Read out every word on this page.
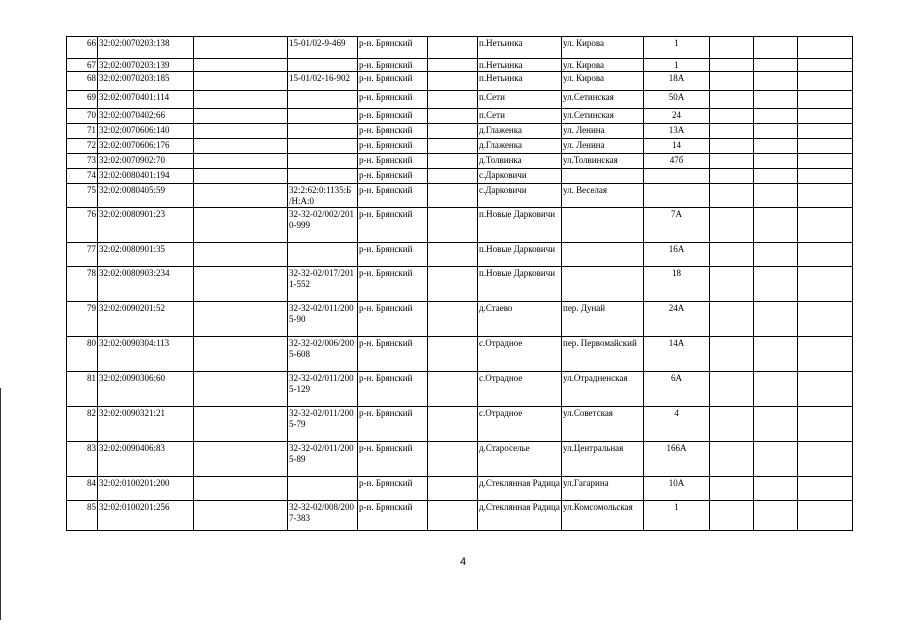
66	32:02:0070203:138		15-01/02-9-469	р-н. Брянский		п.Нетьинка	ул. Кирова	1			
67	32:02:0070203:139			р-н. Брянский		п.Нетьинка	ул. Кирова	1			
68	32:02:0070203:185		15-01/02-16-902	р-н. Брянский		п.Нетьинка	ул. Кирова	18А			
69	32:02:0070401:114			р-н. Брянский		п.Сети	ул.Сетинская	50А			
70	32:02:0070402:66			р-н. Брянский		п.Сети	ул.Сетинская	24			
71	32:02:0070606:140			р-н. Брянский		д.Глаженка	ул. Ленина	13А			
72	32:02:0070606:176			р-н. Брянский		д.Глаженка	ул. Ленина	14			
73	32:02:0070902:70			р-н. Брянский		д.Толвинка	ул.Толвинская	47б			
74	32:02:0080401:194			р-н. Брянский		с.Дарковичи					
75	32:02:0080405:59		32:2:62:0:1135:Б /Н:А:0	р-н. Брянский		с.Дарковичи	ул. Веселая				
76	32:02:0080901:23		32-32-02/002/2010-999	р-н. Брянский		п.Новые Дарковичи		7А			
77	32:02:0080901:35			р-н. Брянский		п.Новые Дарковичи		16А			
78	32:02:0080903:234		32-32-02/017/2011-552	р-н. Брянский		п.Новые Дарковичи		18			
79	32:02:0090201:52		32-32-02/011/2005-90	р-н. Брянский		д.Стаево	пер. Дунай	24А			
80	32:02:0090304:113		32-32-02/006/2005-608	р-н. Брянский		с.Отрадное	пер. Первомайский	14А			
81	32:02:0090306:60		32-32-02/011/2005-129	р-н. Брянский		с.Отрадное	ул.Отрадненская	6А			
82	32:02:0090321:21		32-32-02/011/2005-79	р-н. Брянский		с.Отрадное	ул.Советская	4			
83	32:02:0090406:83		32-32-02/011/2005-89	р-н. Брянский		д.Староселье	ул.Центральная	166А			
84	32:02:0100201:200			р-н. Брянский		д.Стеклянная Радица	ул.Гагарина	10А			
85	32:02:0100201:256		32-32-02/008/2007-383	р-н. Брянский		д.Стеклянная Радица	ул.Комсомольская	1			
4
